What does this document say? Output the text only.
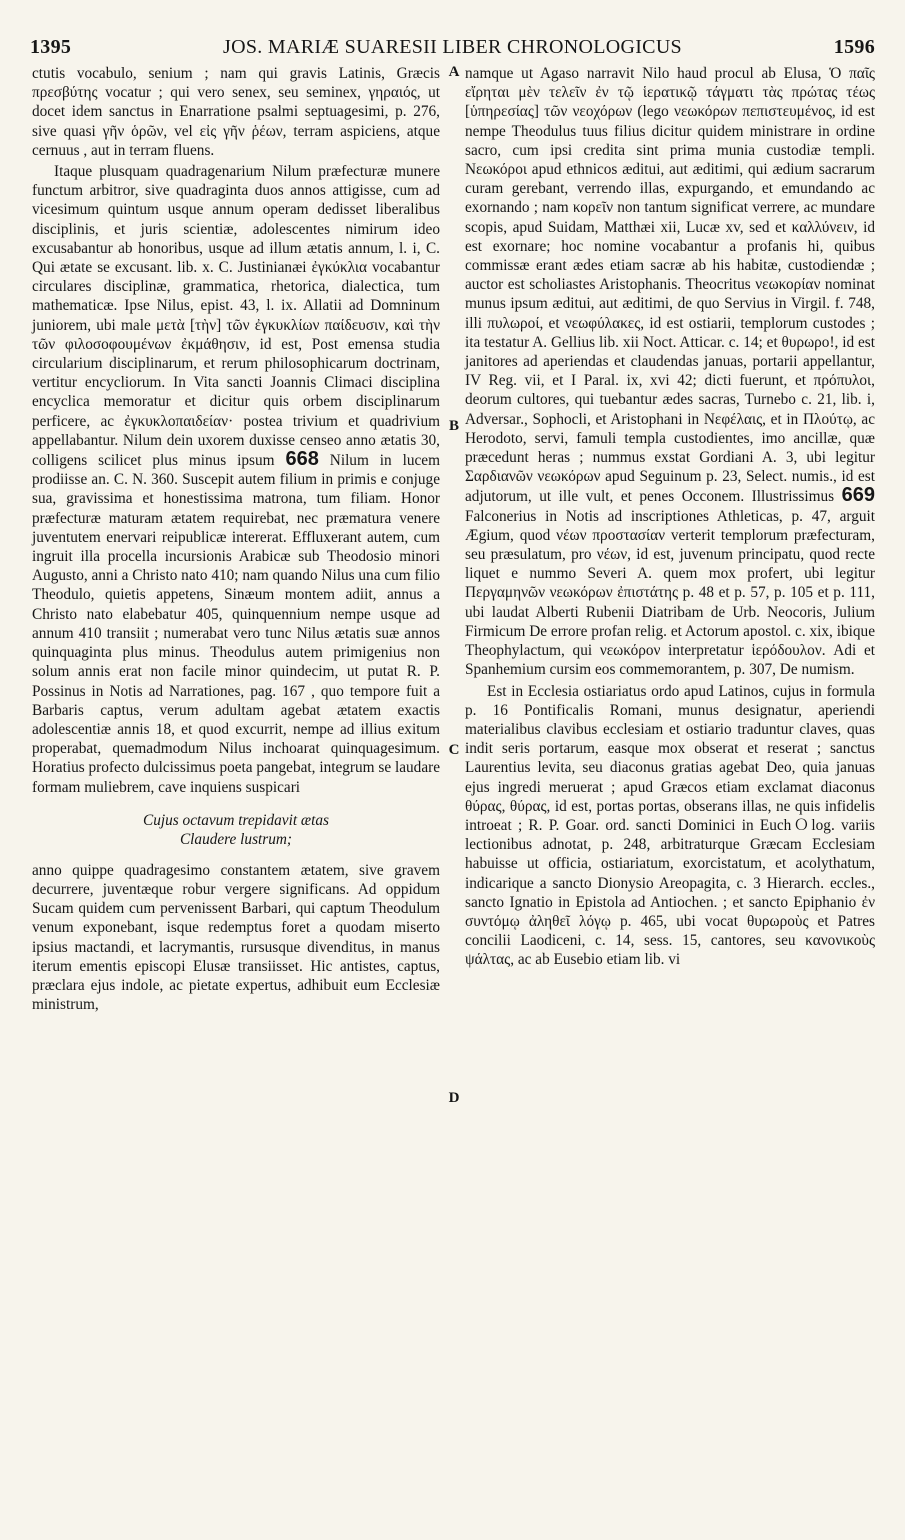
1395	JOS. MARIÆ SUARESII LIBER CHRONOLOGICUS	1596

ctutis vocabulo, senium ; nam qui gravis Latinis, Græcis πρεσβύτης vocatur ; qui vero senex, seu seminex, γηραιός, ut docet idem sanctus in Enarratione psalmi septuagesimi, p. 276, sive quasi γῆν ὁρῶν, vel εἰς γῆν ῥέων, terram aspiciens, atque cernuus , aut in terram fluens.

Itaque plusquam quadragenarium Nilum præfecturæ munere functum arbitror, sive quadraginta duos annos attigisse, cum ad vicesimum quintum usque annum operam dedisset liberalibus disciplinis, et juris scientiæ, adolescentes nimirum ideo excusabantur ab honoribus, usque ad illum ætatis annum, l. i, C. Qui ætate se excusant. lib. x. C. Justinianæi ἐγκύκλια vocabantur circulares disciplinæ, grammatica, rhetorica, dialectica, tum mathematicæ. Ipse Nilus, epist. 43, l. ix. Allatii ad Domninum juniorem, ubi male μετὰ [τὴν] τῶν ἐγκυκλίων παίδευσιν, καὶ τὴν τῶν φιλοσοφουμένων ἐκμάθησιν, id est, Post emensa studia circularium disciplinarum, et rerum philosophicarum doctrinam, vertitur encycliorum. In Vita sancti Joannis Climaci disciplina encyclica memoratur et dicitur quis orbem disciplinarum perficere, ac ἐγκυκλοπαιδείαν· postea trivium et quadrivium appellabantur. Nilum dein uxorem duxisse censeo anno ætatis 30, colligens scilicet plus minus ipsum 668 Nilum in lucem prodiisse an. C. N. 360. Suscepit autem filium in primis e conjuge sua, gravissima et honestissima matrona, tum filiam. Honor præfecturæ maturam ætatem requirebat, nec præmatura venere juventutem enervari reipublicæ intererat. Effluxerant autem, cum ingruit illa procella incursionis Arabicæ sub Theodosio minori Augusto, anni a Christo nato 410; nam quando Nilus una cum filio Theodulo, quietis appetens, Sinæum montem adiit, annus a Christo nato elabebatur 405, quinquennium nempe usque ad annum 410 transiit ; numerabat vero tunc Nilus ætatis suæ annos quinquaginta plus minus. Theodulus autem primigenius non solum annis erat non facile minor quindecim, ut putat R. P. Possinus in Notis ad Narrationes, pag. 167 , quo tempore fuit a Barbaris captus, verum adultam agebat ætatem exactis adolescentiæ annis 18, et quod excurrit, nempe ad illius exitum properabat, quemadmodum Nilus inchoarat quinquagesimum. Horatius profecto dulcissimus poeta pangebat, integrum se laudare formam muliebrem, cave inquiens suspicari

Cujus octavum trepidavit ætas
Claudere lustrum;

anno quippe quadragesimo constantem ætatem, sive gravem decurrere, juventæque robur vergere significans. Ad oppidum Sucam quidem cum pervenissent Barbari, qui captum Theodulum venum exponebant, isque redemptus foret a quodam miserto ipsius mactandi, et lacrymantis, rursusque divenditus, in manus iterum ementis episcopi Elusæ transiisset. Hic antistes, captus, præclara ejus indole, ac pietate expertus, adhibuit eum Ecclesiæ ministrum,

A
B
C
D

namque ut Agaso narravit Nilo haud procul ab Elusa, Ὁ παῖς εἴρηται μὲν τελεῖν ἐν τῷ ἱερατικῷ τάγματι τὰς πρώτας τέως [ὑπηρεσίας] τῶν νεοχόρων (lego νεωκόρων πεπιστευμένος, id est nempe Theodulus tuus filius dicitur quidem ministrare in ordine sacro, cum ipsi credita sint prima munia custodiæ templi. Νεωκόροι apud ethnicos æditui, aut æditimi, qui ædium sacrarum curam gerebant, verrendo illas, expurgando, et emundando ac exornando ; nam κορεῖν non tantum significat verrere, ac mundare scopis, apud Suidam, Matthæi xii, Lucæ xv, sed et καλλύνειν, id est exornare; hoc nomine vocabantur a profanis hi, quibus commissæ erant ædes etiam sacræ ab his habitæ, custodiendæ ; auctor est scholiastes Aristophanis. Theocritus νεωκορίαν nominat munus ipsum æditui, aut æditimi, de quo Servius in Virgil. f. 748, illi πυλωροί, et νεωφύλακες, id est ostiarii, templorum custodes ; ita testatur A. Gellius lib. xii Noct. Atticar. c. 14; et θυρωρο!, id est janitores ad aperiendas et claudendas januas, portarii appellantur, IV Reg. vii, et I Paral. ix, xvi 42; dicti fuerunt, et πρόπυλοι, deorum cultores, qui tuebantur ædes sacras, Turnebo c. 21, lib. i, Adversar., Sophocli, et Aristophani in Νεφέλαις, et in Πλούτῳ, ac Herodoto, servi, famuli templa custodientes, imo ancillæ, quæ præcedunt heras ; nummus exstat Gordiani A. 3, ubi legitur Σαρδιανῶν νεωκόρων apud Seguinum p. 23, Select. numis., id est adjutorum, ut ille vult, et penes Occonem. Illustrissimus 669 Falconerius in Notis ad inscriptiones Athleticas, p. 47, arguit Ægium, quod νέων προστασίαν verterit templorum præfecturam, seu præsulatum, pro νέων, id est, juvenum principatu, quod recte liquet e nummo Severi A. quem mox profert, ubi legitur Περγαμηνῶν νεωκόρων ἐπιστάτης p. 48 et p. 57, p. 105 et p. 111, ubi laudat Alberti Rubenii Diatribam de Urb. Neocoris, Julium Firmicum De errore profan relig. et Actorum apostol. c. xix, ibique Theophylactum, qui νεωκόρον interpretatur ἱερόδουλον. Adi et Spanhemium cursim eos commemorantem, p. 307, De numism.

Est in Ecclesia ostiariatus ordo apud Latinos, cujus in formula p. 16 Pontificalis Romani, munus designatur, aperiendi materialibus clavibus ecclesiam et ostiario traduntur claves, quas indit seris portarum, easque mox obserat et reserat ; sanctus Laurentius levita, seu diaconus gratias agebat Deo, quia januas ejus ingredi meruerat ; apud Græcos etiam exclamat diaconus θύρας, θύρας, id est, portas portas, obserans illas, ne quis infidelis introeat ; R. P. Goar. ord. sancti Dominici in EuchＯlog. variis lectionibus adnotat, p. 248, arbitraturque Græcam Ecclesiam habuisse ut officia, ostiariatum, exorcistatum, et acolythatum, indicarique a sancto Dionysio Areopagita, c. 3 Hierarch. eccles., sancto Ignatio in Epistola ad Antiochen. ; et sancto Epiphanio ἐν συντόμῳ ἀληθεῖ λόγῳ p. 465, ubi vocat θυρωροὺς et Patres concilii Laodiceni, c. 14, sess. 15, cantores, seu κανονικοὺς ψάλτας, ac ab Eusebio etiam lib. vi
